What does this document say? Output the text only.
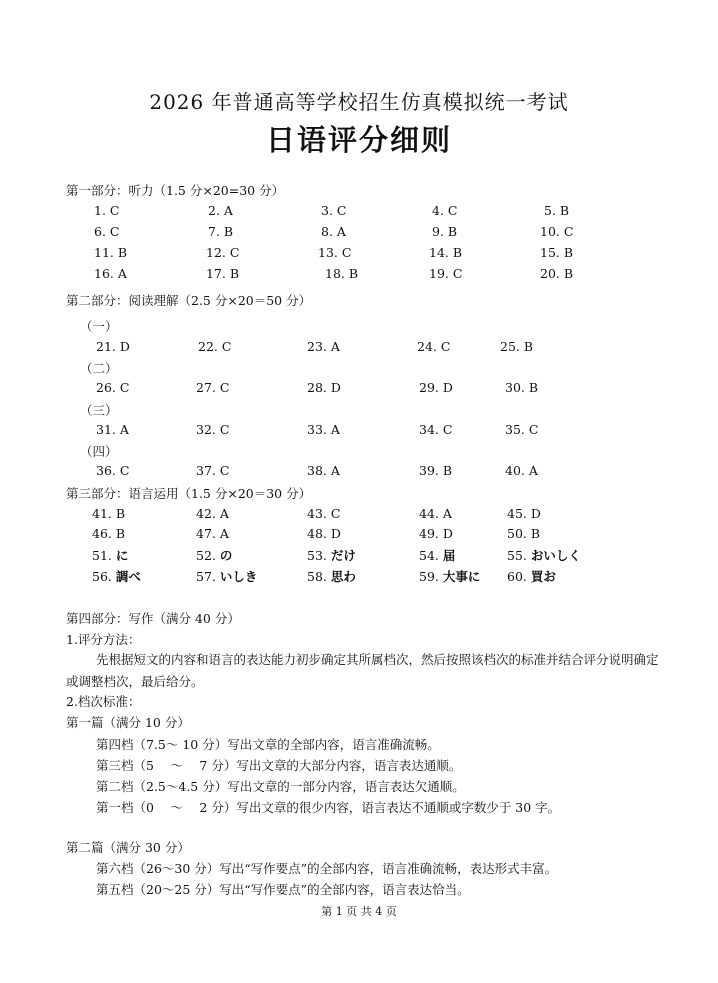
2026 年普通高等学校招生仿真模拟统一考试
日语评分细则
第一部分：听力（1.5 分×20=30 分）
1. C	2. A	3. C	4. C	5. B
6. C	7. B	8. A	9. B	10. C
11. B	12. C	13. C	14. B	15. B
16. A	17. B	18. B	19. C	20. B
第二部分：阅读理解（2.5 分×20＝50 分）
（一）
21. D	22. C	23. A	24. C	25. B
（二）
26. C	27. C	28. D	29. D	30. B
（三）
31. A	32. C	33. A	34. C	35. C
（四）
36. C	37. C	38. A	39. B	40. A
第三部分：语言运用（1.5 分×20＝30 分）
41. B	42. A	43. C	44. A	45. D
46. B	47. A	48. D	49. D	50. B
51. に	52. の	53. だけ	54. 届	55. おいしく
56. 調べ	57. いしき	58. 思わ	59. 大事に 60. 買お
第四部分：写作（满分 40 分）
1.评分方法：
先根据短文的内容和语言的表达能力初步确定其所属档次，然后按照该档次的标准并结合评分说明确定或调整档次，最后给分。
2.档次标准：
第一篇（满分 10 分）
第四档（7.5～ 10 分）写出文章的全部内容，语言准确流畅。
第三档（5 　～ 　7 分）写出文章的大部分内容，语言表达通顺。
第二档（2.5～4.5 分）写出文章的一部分内容，语言表达欠通顺。
第一档（0 　～ 　2 分）写出文章的很少内容，语言表达不通顺或字数少于 30 字。
第二篇（满分 30 分）
第六档（26～30 分）写出“写作要点”的全部内容，语言准确流畅，表达形式丰富。
第五档（20～25 分）写出“写作要点”的全部内容，语言表达恰当。
第 1 页 共 4 页
